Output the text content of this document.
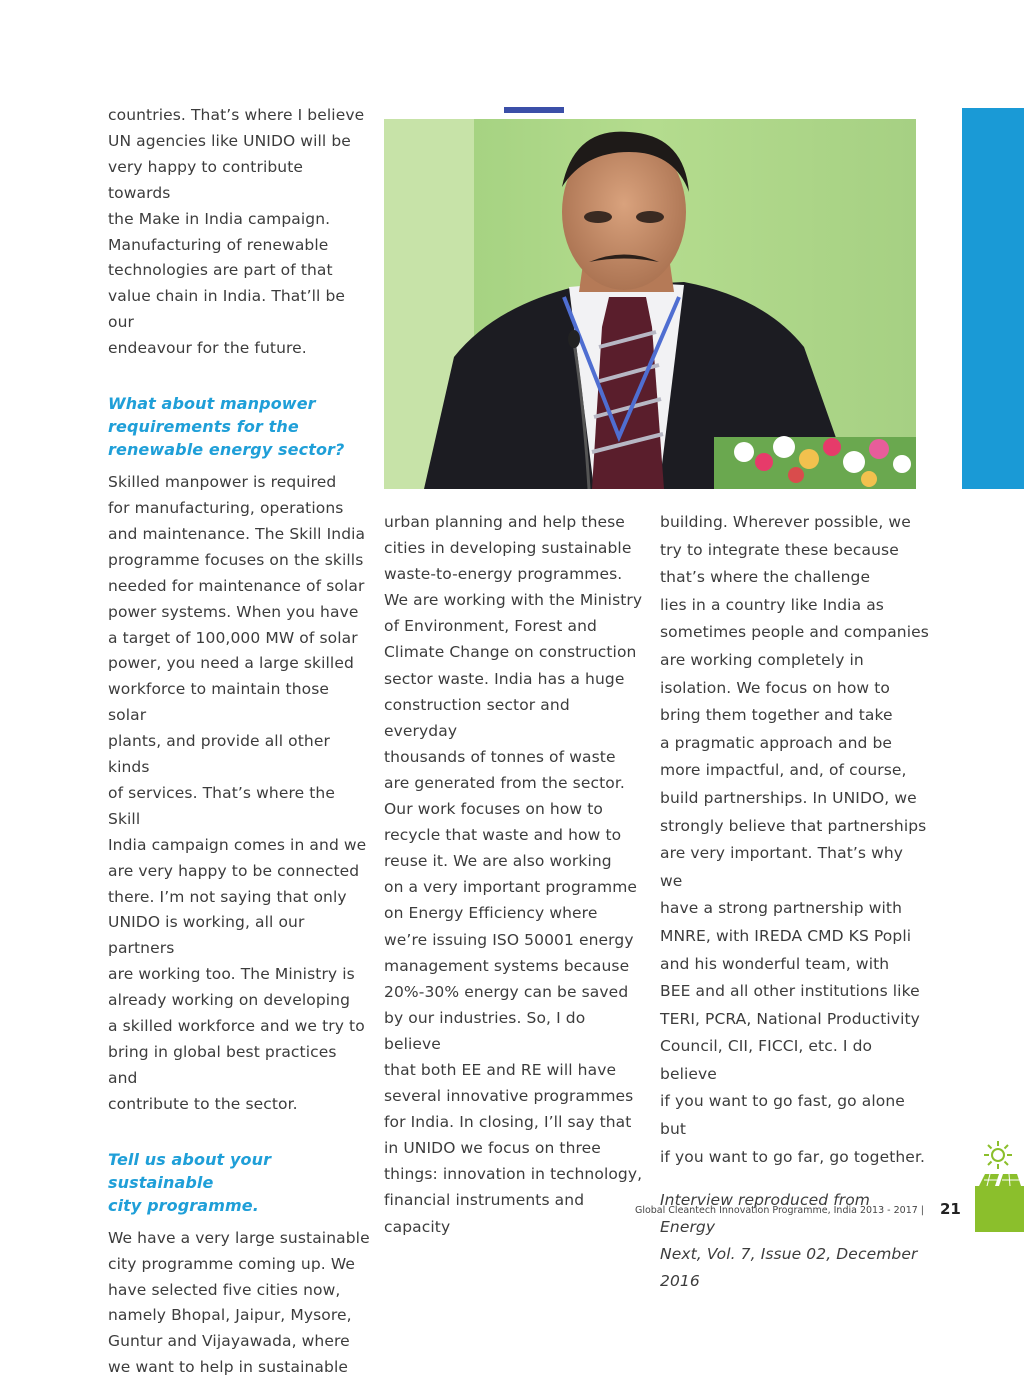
countries. That’s where I believe
UN agencies like UNIDO will be
very happy to contribute towards
the Make in India campaign.
Manufacturing of renewable
technologies are part of that
value chain in India. That’ll be our
endeavour for the future.

What about manpower
requirements for the
renewable energy sector?

Skilled manpower is required
for manufacturing, operations
and maintenance. The Skill India
programme focuses on the skills
needed for maintenance of solar
power systems. When you have
a target of 100,000 MW of solar
power, you need a large skilled
workforce to maintain those solar
plants, and provide all other kinds
of services. That’s where the Skill
India campaign comes in and we
are very happy to be connected
there. I’m not saying that only
UNIDO is working, all our partners
are working too. The Ministry is
already working on developing
a skilled workforce and we try to
bring in global best practices and
contribute to the sector.

Tell us about your sustainable
city programme.

We have a very large sustainable
city programme coming up. We
have selected five cities now,
namely Bhopal, Jaipur, Mysore,
Guntur and Vijayawada, where
we want to help in sustainable

urban planning and help these
cities in developing sustainable
waste-to-energy programmes.
We are working with the Ministry
of Environment, Forest and
Climate Change on construction
sector waste. India has a huge
construction sector and everyday
thousands of tonnes of waste
are generated from the sector.
Our work focuses on how to
recycle that waste and how to
reuse it. We are also working
on a very important programme
on Energy Efficiency where
we’re issuing ISO 50001 energy
management systems because
20%-30% energy can be saved
by our industries. So, I do believe
that both EE and RE will have
several innovative programmes
for India. In closing, I’ll say that
in UNIDO we focus on three
things: innovation in technology,
financial instruments and capacity

building. Wherever possible, we
try to integrate these because
that’s where the challenge
lies in a country like India as
sometimes people and companies
are working completely in
isolation. We focus on how to
bring them together and take
a pragmatic approach and be
more impactful, and, of course,
build partnerships. In UNIDO, we
strongly believe that partnerships
are very important. That’s why we
have a strong partnership with
MNRE, with IREDA CMD KS Popli
and his wonderful team, with
BEE and all other institutions like
TERI, PCRA, National Productivity
Council, CII, FICCI, etc. I do believe
if you want to go fast, go alone but
if you want to go far, go together.

Interview reproduced from Energy
Next, Vol. 7, Issue 02, December 2016

Global Cleantech Innovation Programme, India 2013 - 2017 | 21
